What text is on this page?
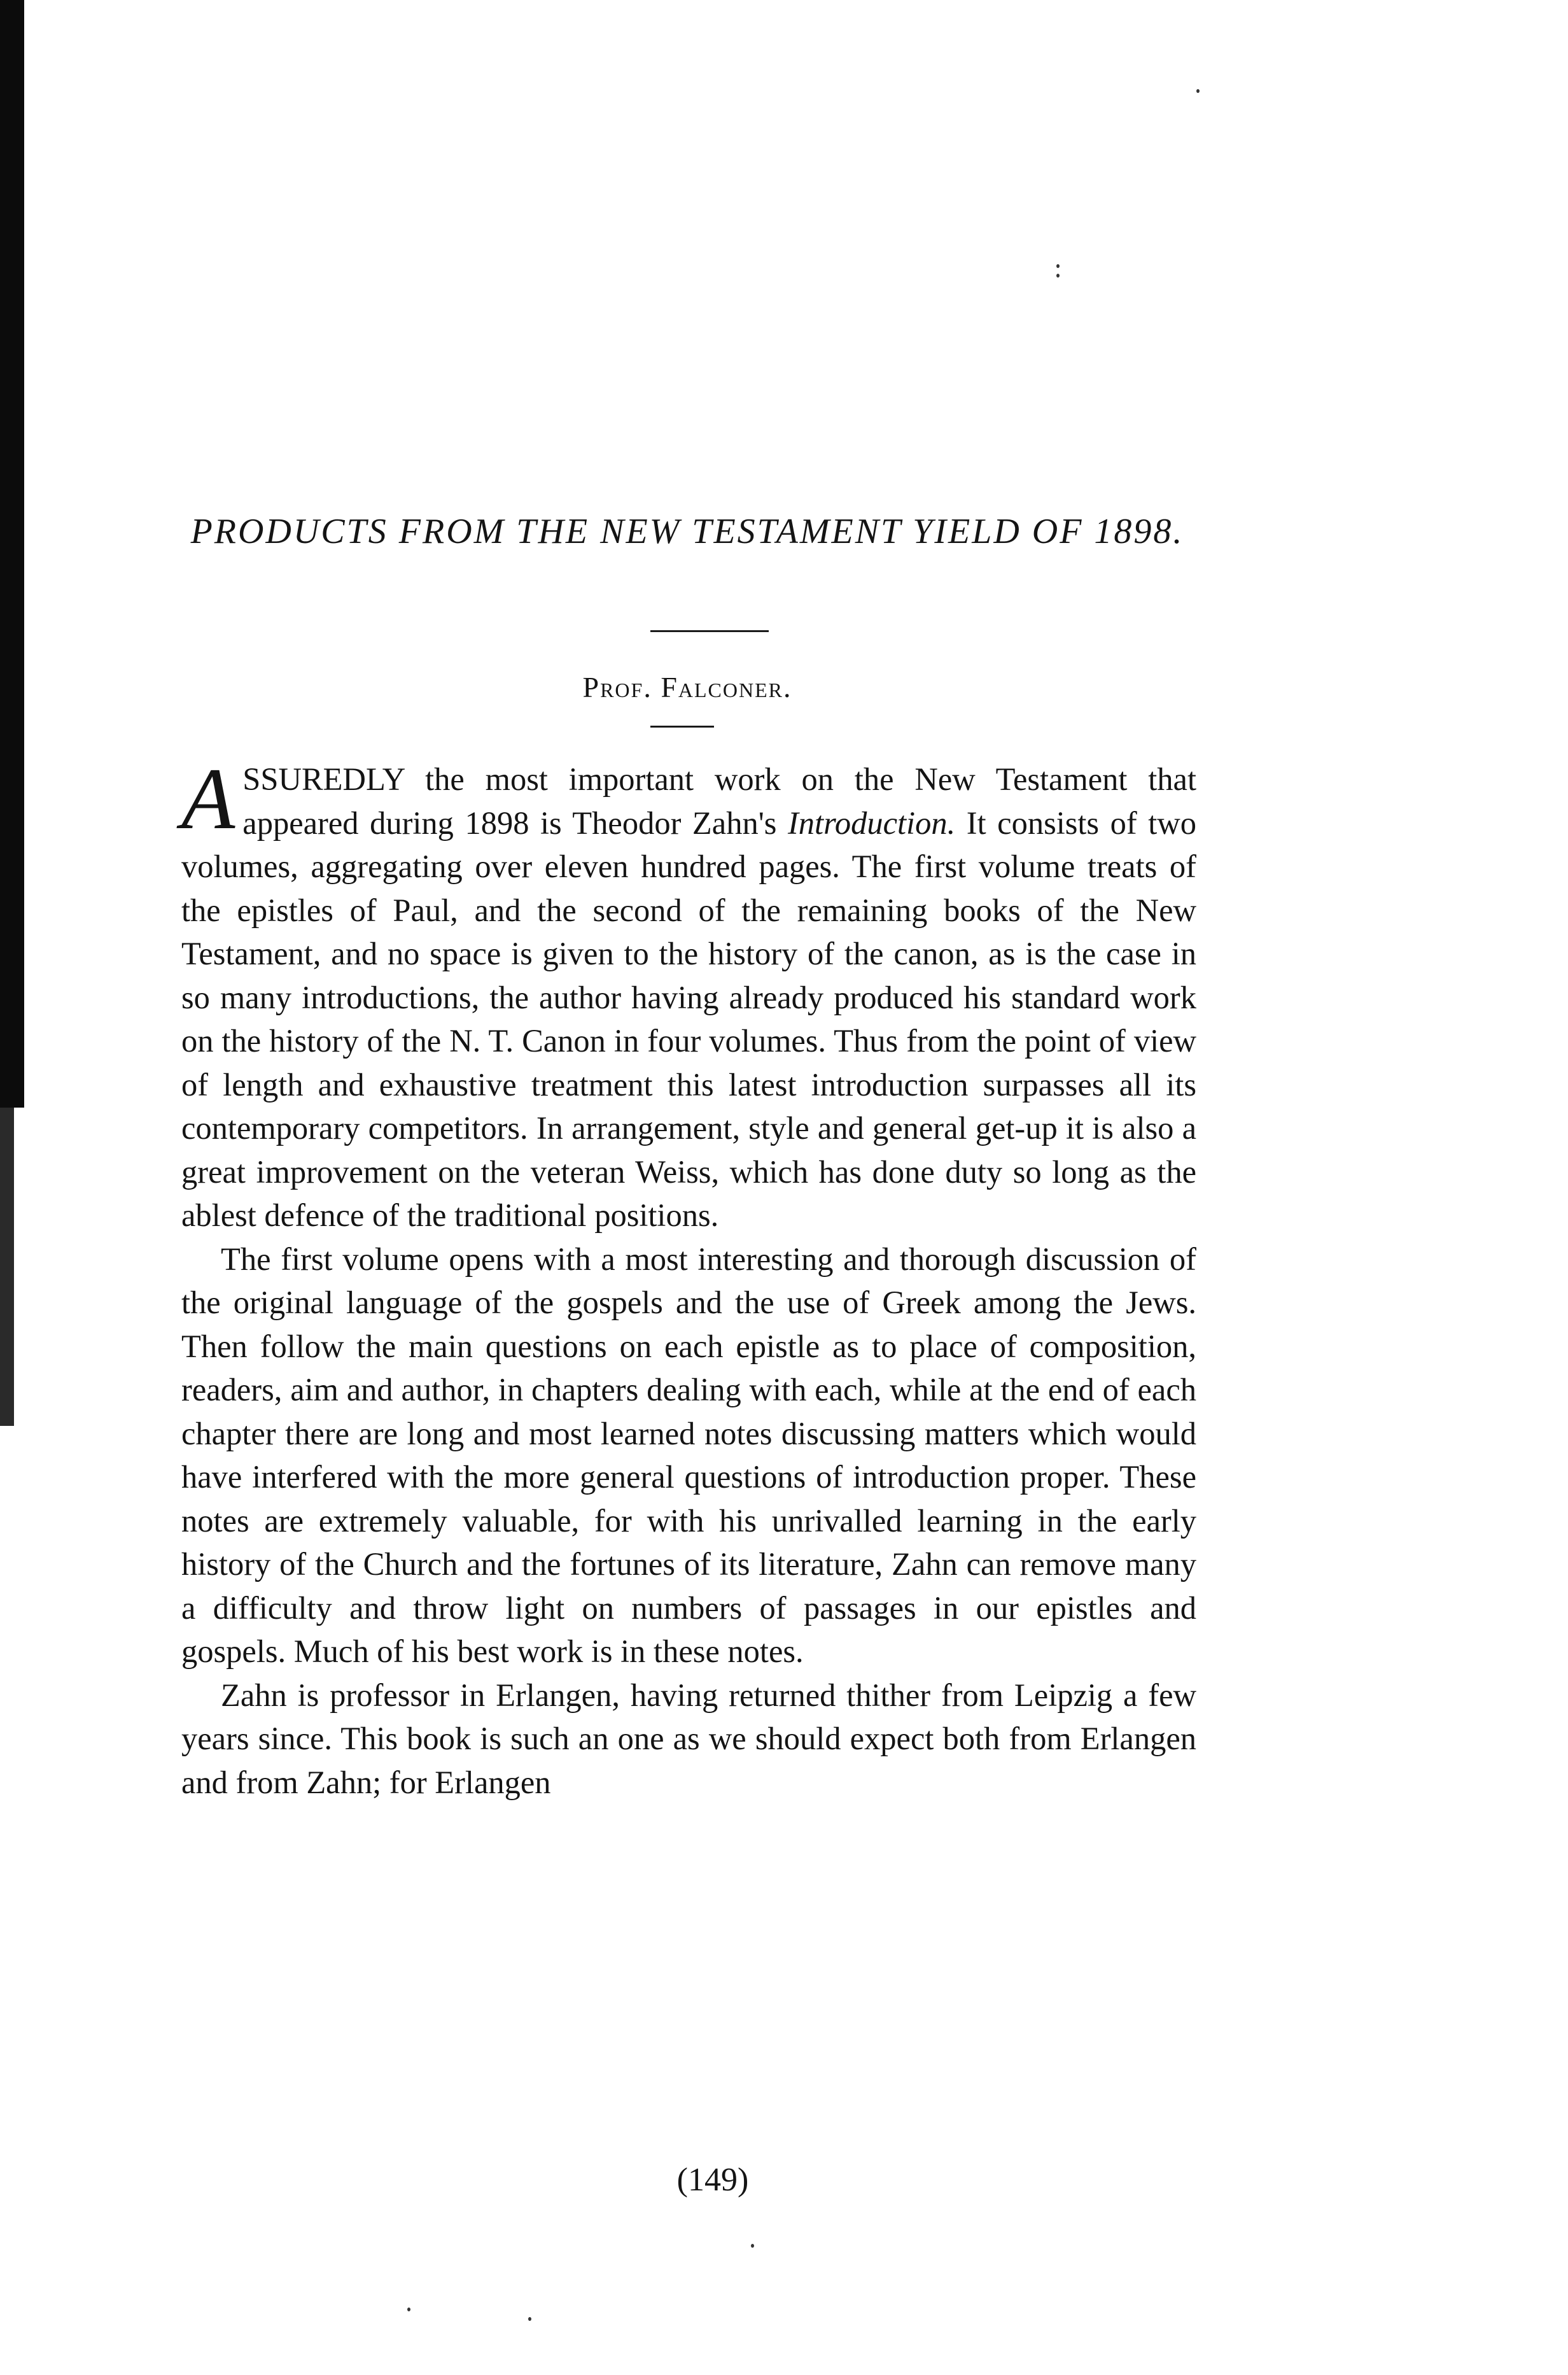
PRODUCTS FROM THE NEW TESTAMENT YIELD OF 1898.

Prof. Falconer.

ASSUREDLY the most important work on the New Testament that appeared during 1898 is Theodor Zahn's Introduction. It consists of two volumes, aggregating over eleven hundred pages. The first volume treats of the epistles of Paul, and the second of the remaining books of the New Testament, and no space is given to the history of the canon, as is the case in so many introductions, the author having already produced his standard work on the history of the N. T. Canon in four volumes. Thus from the point of view of length and exhaustive treatment this latest introduction surpasses all its contemporary competitors. In arrangement, style and general get-up it is also a great improvement on the veteran Weiss, which has done duty so long as the ablest defence of the traditional positions.

The first volume opens with a most interesting and thorough discussion of the original language of the gospels and the use of Greek among the Jews. Then follow the main questions on each epistle as to place of composition, readers, aim and author, in chapters dealing with each, while at the end of each chapter there are long and most learned notes discussing matters which would have interfered with the more general questions of introduction proper. These notes are extremely valuable, for with his unrivalled learning in the early history of the Church and the fortunes of its literature, Zahn can remove many a difficulty and throw light on numbers of passages in our epistles and gospels. Much of his best work is in these notes.

Zahn is professor in Erlangen, having returned thither from Leipzig a few years since. This book is such an one as we should expect both from Erlangen and from Zahn; for Erlangen

(149)
